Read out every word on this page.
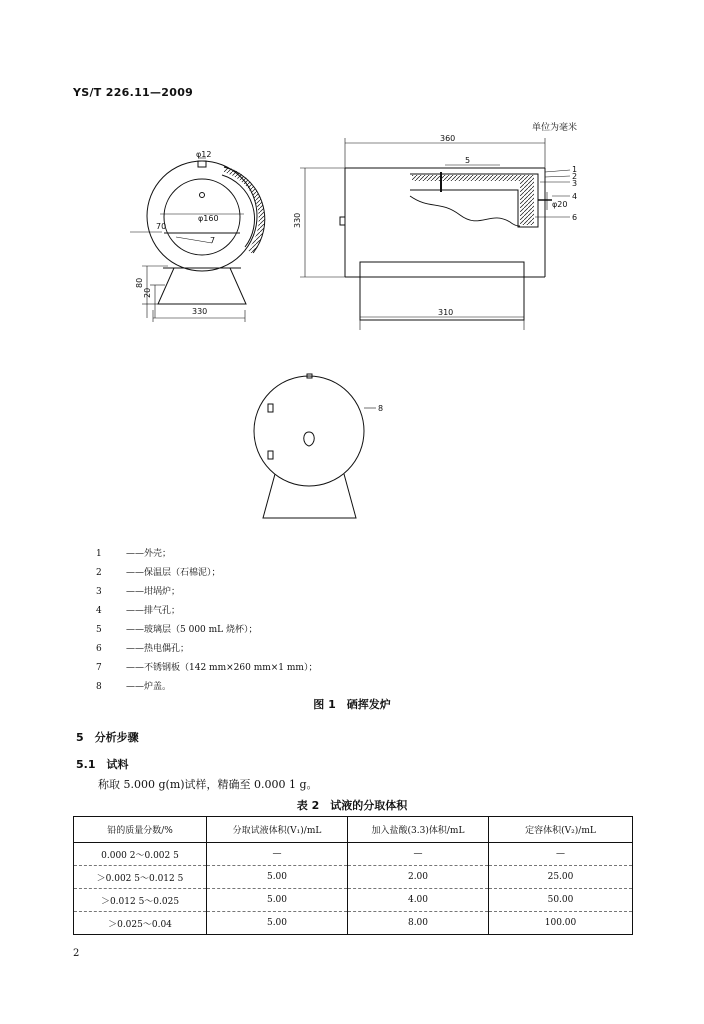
YS/T 226.11—2009
单位为毫米
φ12
φ160
70
7
80
20
330
330
360
310
φ20
5
1
2
3
4
6
8
1	——外壳；
2	——保温层（石棉泥）；
3	——坩埚炉；
4	——排气孔；
5	——玻璃层（5 000 mL 烧杯）；
6	——热电偶孔；
7	——不锈钢板（142 mm×260 mm×1 mm）；
8	——炉盖。
图 1　硒挥发炉
5　分析步骤
5.1　试料
称取 5.000 g(m)试样，精确至 0.000 1 g。
表 2　试液的分取体积
铅的质量分数/%	分取试液体积(V₁)/mL	加入盐酸(3.3)体积/mL	定容体积(V₂)/mL
0.000 2～0.002 5	—	—	—
＞0.002 5～0.012 5	5.00	2.00	25.00
＞0.012 5～0.025	5.00	4.00	50.00
＞0.025～0.04	5.00	8.00	100.00
2
